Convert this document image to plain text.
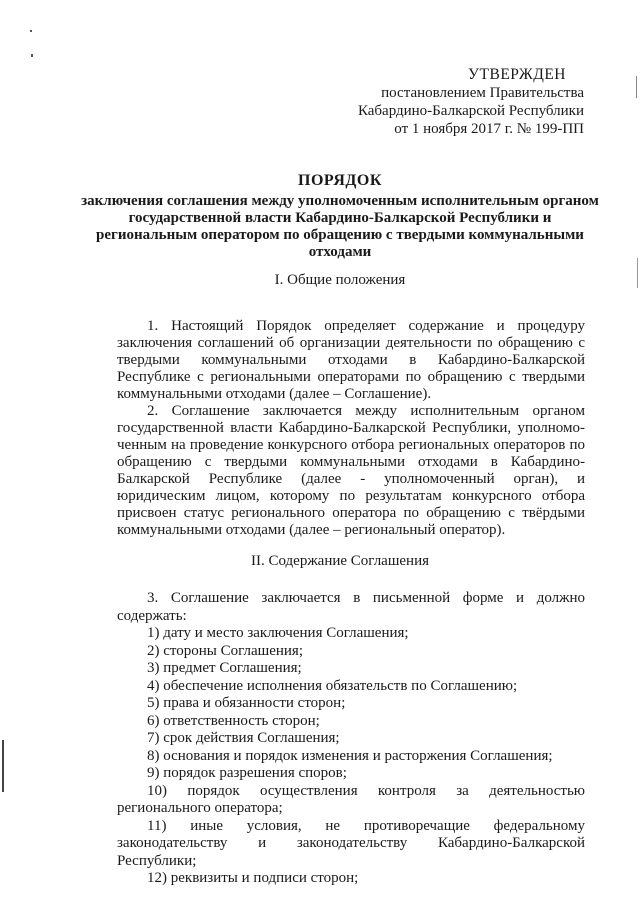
УТВЕРЖДЕН
постановлением Правительства
Кабардино-Балкарской Республики
от 1 ноября 2017 г. № 199-ПП
ПОРЯДОК
заключения соглашения между уполномоченным исполнительным органом государственной власти Кабардино-Балкарской Республики и региональным оператором по обращению с твердыми коммунальными отходами
I. Общие положения
1. Настоящий Порядок определяет содержание и процедуру заключения соглашений об организации деятельности по обращению с твердыми коммунальными отходами в Кабардино-Балкарской Республике с региональными операторами по обращению с твердыми коммунальными отходами (далее – Соглашение).
2. Соглашение заключается между исполнительным органом государственной власти Кабардино-Балкарской Республики, уполномо-ченным на проведение конкурсного отбора региональных операторов по обращению с твердыми коммунальными отходами в Кабардино-Балкарской Республике (далее - уполномоченный орган), и юридическим лицом, которому по результатам конкурсного отбора присвоен статус регионального оператора по обращению с твёрдыми коммунальными отходами (далее – региональный оператор).
II. Содержание Соглашения

3. Соглашение заключается в письменной форме и должно содержать:

1) дату и место заключения Соглашения;

2) стороны Соглашения;

3) предмет Соглашения;

4) обеспечение исполнения обязательств по Соглашению;

5) права и обязанности сторон;

6) ответственность сторон;

7) срок действия Соглашения;

8) основания и порядок изменения и расторжения Соглашения;

9) порядок разрешения споров;

10) порядок осуществления контроля за деятельностью регионального оператора;

11) иные условия, не противоречащие федеральному законодательству и законодательству Кабардино-Балкарской Республики;

12) реквизиты и подписи сторон;
